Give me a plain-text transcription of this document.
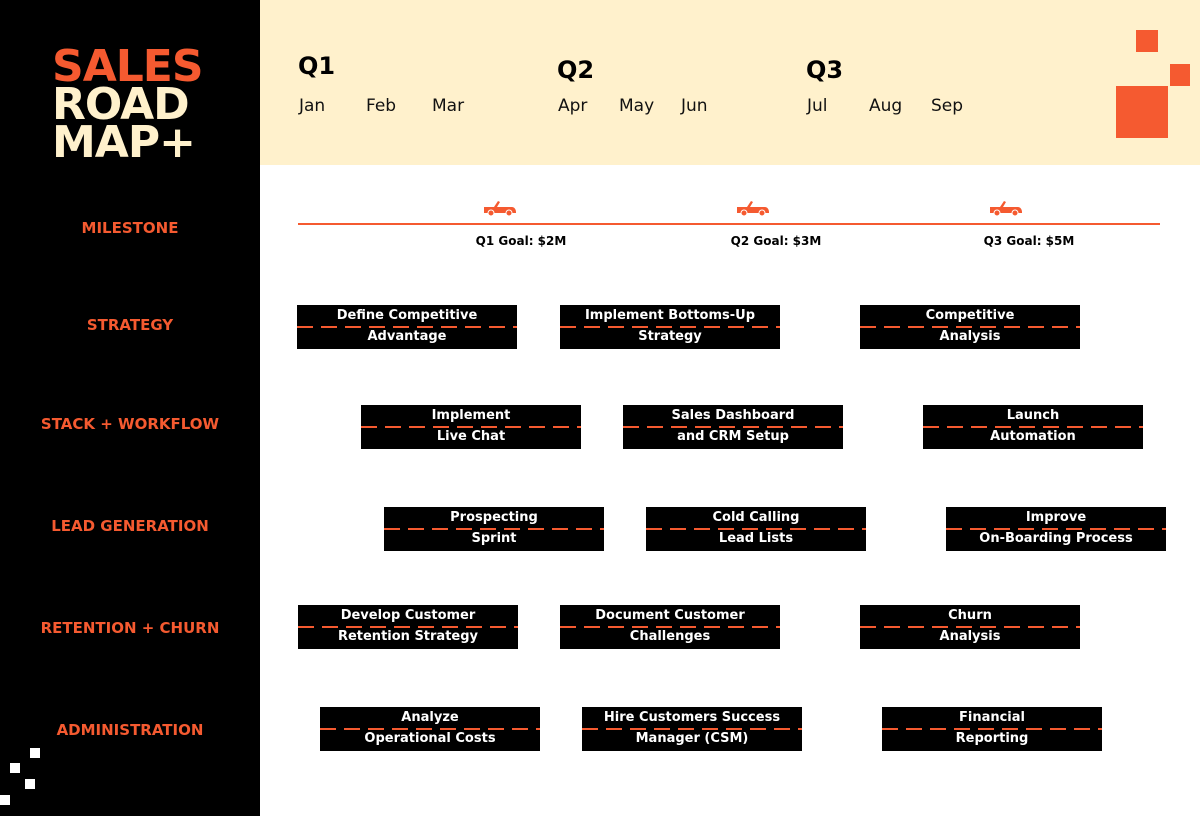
SALES
ROAD
MAP+
MILESTONE
STRATEGY
STACK + WORKFLOW
LEAD GENERATION
RETENTION + CHURN
ADMINISTRATION
Q1	Q2	Q3
Jan Feb Mar	Apr May Jun	Jul Aug Sep
Q1 Goal: $2M	Q2 Goal: $3M	Q3 Goal: $5M
Define Competitive
Advantage
Implement Bottoms-Up
Strategy
Competitive
Analysis
Implement
Live Chat
Sales Dashboard
and CRM Setup
Launch
Automation
Prospecting
Sprint
Cold Calling
Lead Lists
Improve
On-Boarding Process
Develop Customer
Retention Strategy
Document Customer
Challenges
Churn
Analysis
Analyze
Operational Costs
Hire Customers Success
Manager (CSM)
Financial
Reporting
